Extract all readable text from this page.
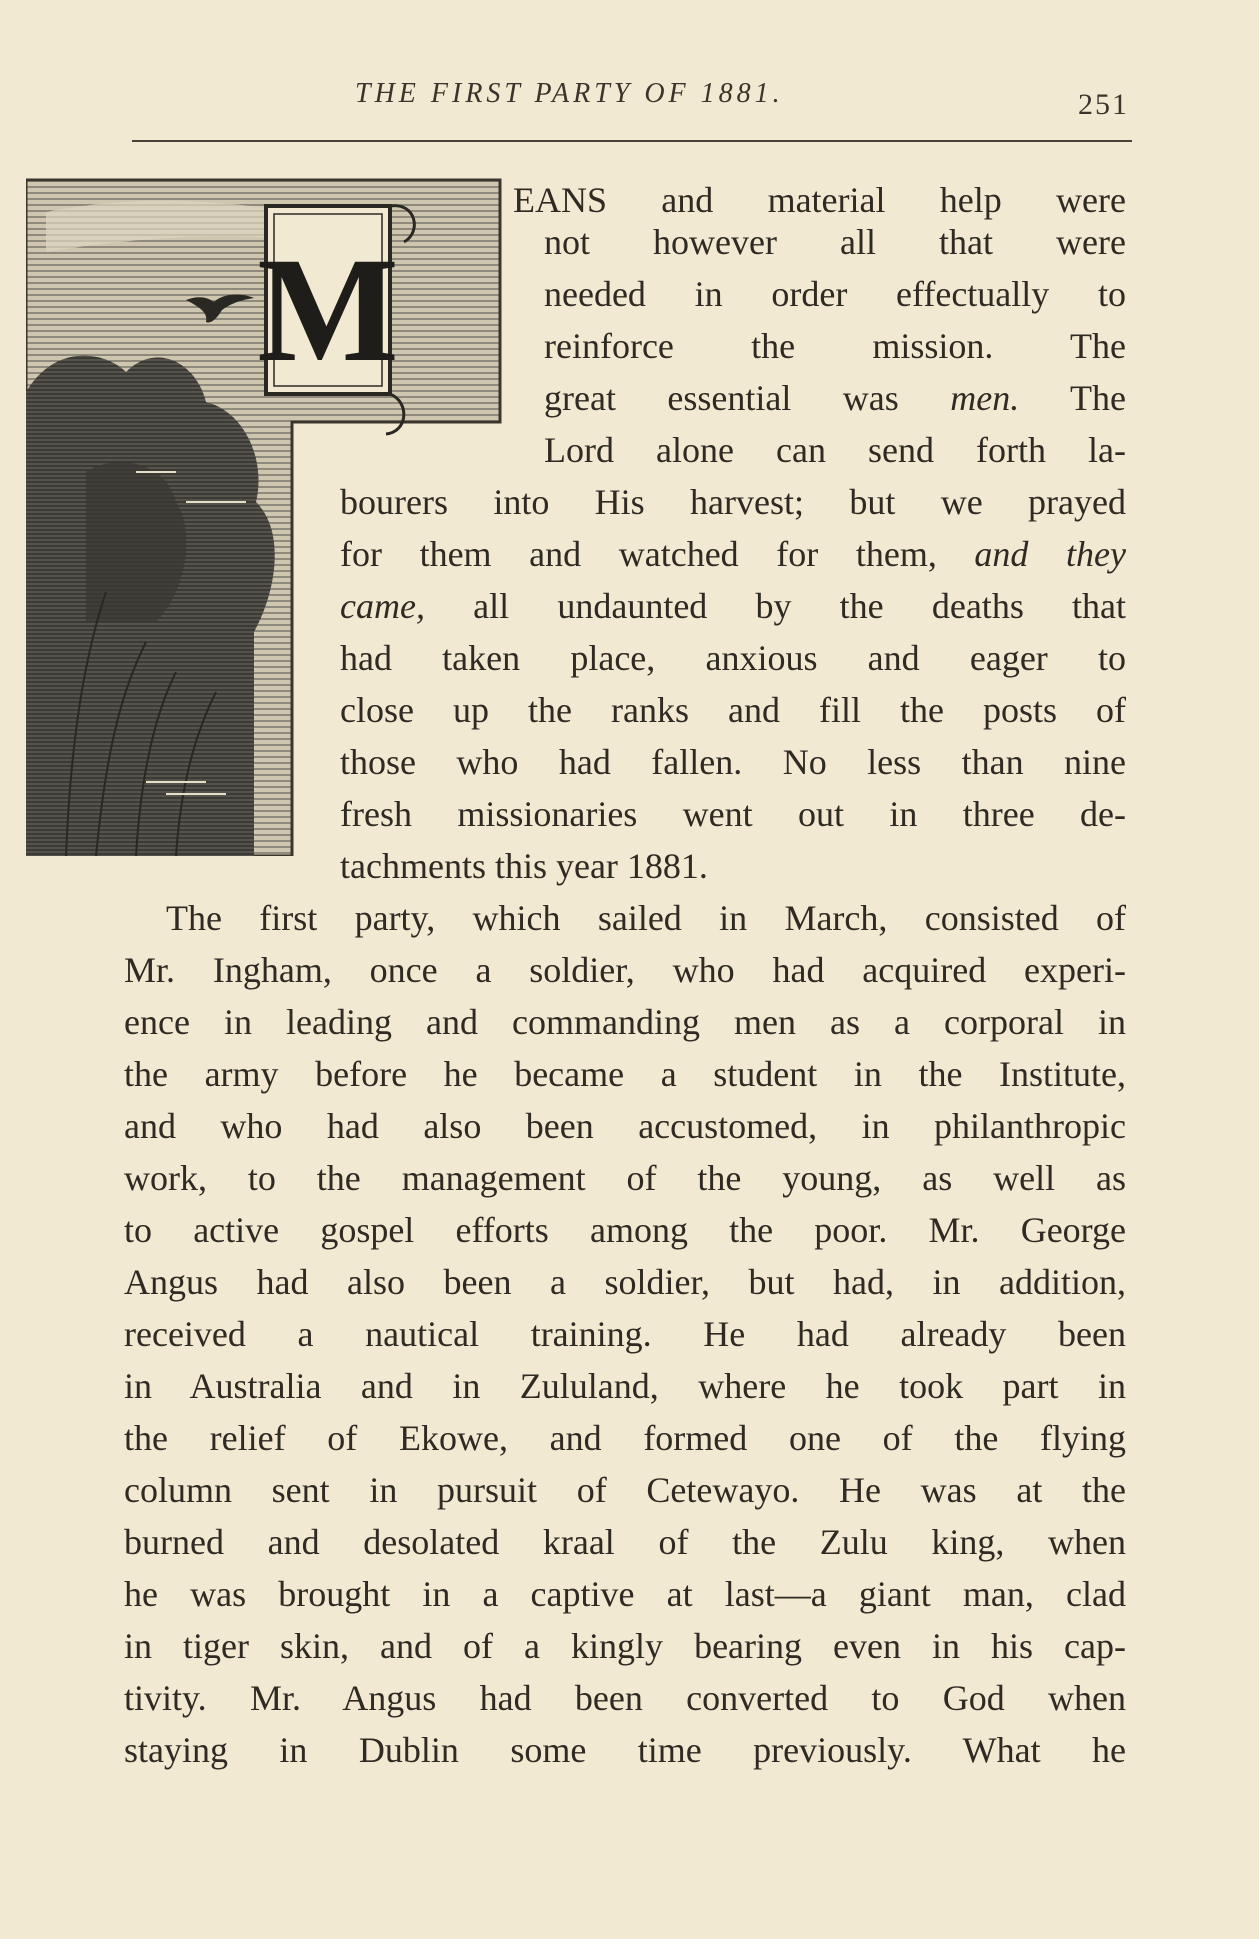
THE FIRST PARTY OF 1881.	251
M
EANS and material help were
not however all that were
needed in order effectually to
reinforce the mission. The
great essential was men. The
Lord alone can send forth la-
bourers into His harvest; but we prayed
for them and watched for them, and they
came, all undaunted by the deaths that
had taken place, anxious and eager to
close up the ranks and fill the posts of
those who had fallen. No less than nine
fresh missionaries went out in three de-
tachments this year 1881.
The first party, which sailed in March, consisted of
Mr. Ingham, once a soldier, who had acquired experi-
ence in leading and commanding men as a corporal in
the army before he became a student in the Institute,
and who had also been accustomed, in philanthropic
work, to the management of the young, as well as
to active gospel efforts among the poor. Mr. George
Angus had also been a soldier, but had, in addition,
received a nautical training. He had already been
in Australia and in Zululand, where he took part in
the relief of Ekowe, and formed one of the flying
column sent in pursuit of Cetewayo. He was at the
burned and desolated kraal of the Zulu king, when
he was brought in a captive at last—a giant man, clad
in tiger skin, and of a kingly bearing even in his cap-
tivity. Mr. Angus had been converted to God when
staying in Dublin some time previously. What he
